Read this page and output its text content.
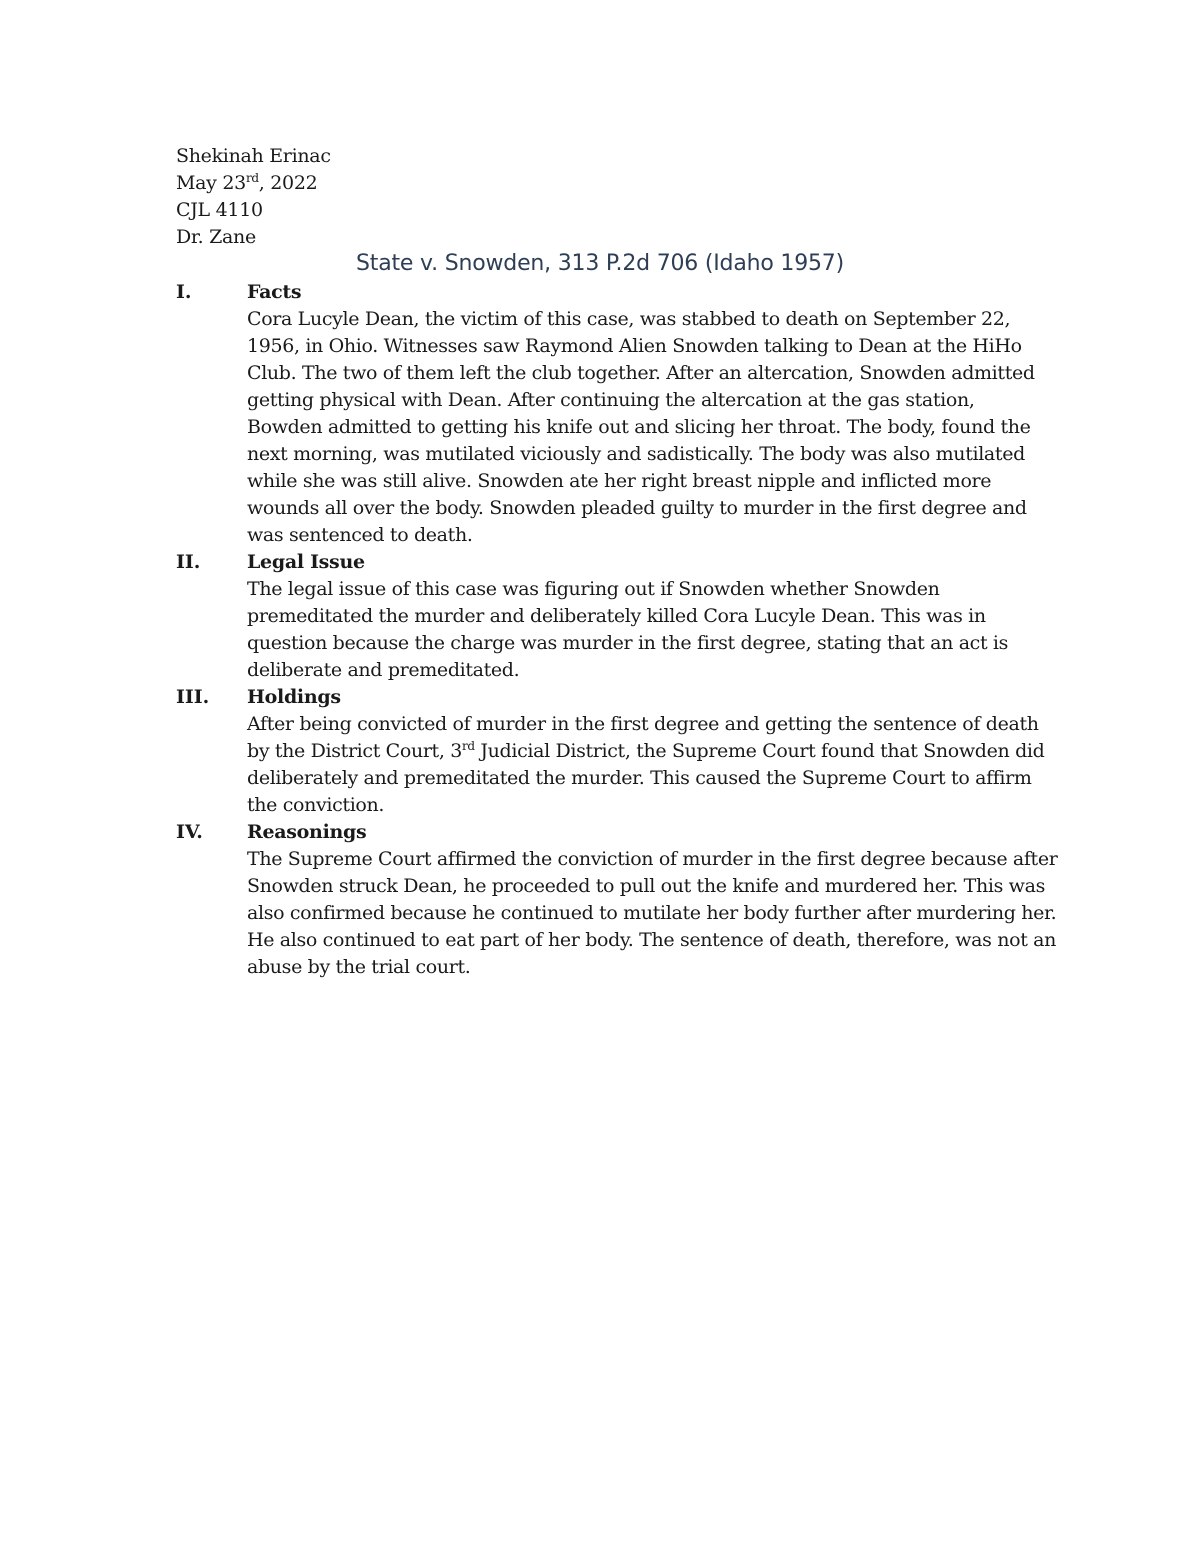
Shekinah Erinac
May 23rd, 2022
CJL 4110
Dr. Zane
State v. Snowden, 313 P.2d 706 (Idaho 1957)
I.	Facts
Cora Lucyle Dean, the victim of this case, was stabbed to death on September 22,
1956, in Ohio. Witnesses saw Raymond Alien Snowden talking to Dean at the HiHo
Club. The two of them left the club together. After an altercation, Snowden admitted
getting physical with Dean. After continuing the altercation at the gas station,
Bowden admitted to getting his knife out and slicing her throat. The body, found the
next morning, was mutilated viciously and sadistically. The body was also mutilated
while she was still alive. Snowden ate her right breast nipple and inflicted more
wounds all over the body. Snowden pleaded guilty to murder in the first degree and
was sentenced to death.
II. Legal Issue
The legal issue of this case was figuring out if Snowden whether Snowden
premeditated the murder and deliberately killed Cora Lucyle Dean. This was in
question because the charge was murder in the first degree, stating that an act is
deliberate and premeditated.
III. Holdings
After being convicted of murder in the first degree and getting the sentence of death
by the District Court, 3rd Judicial District, the Supreme Court found that Snowden did
deliberately and premeditated the murder. This caused the Supreme Court to affirm
the conviction.
IV. Reasonings
The Supreme Court affirmed the conviction of murder in the first degree because after
Snowden struck Dean, he proceeded to pull out the knife and murdered her. This was
also confirmed because he continued to mutilate her body further after murdering her.
He also continued to eat part of her body. The sentence of death, therefore, was not an
abuse by the trial court.
